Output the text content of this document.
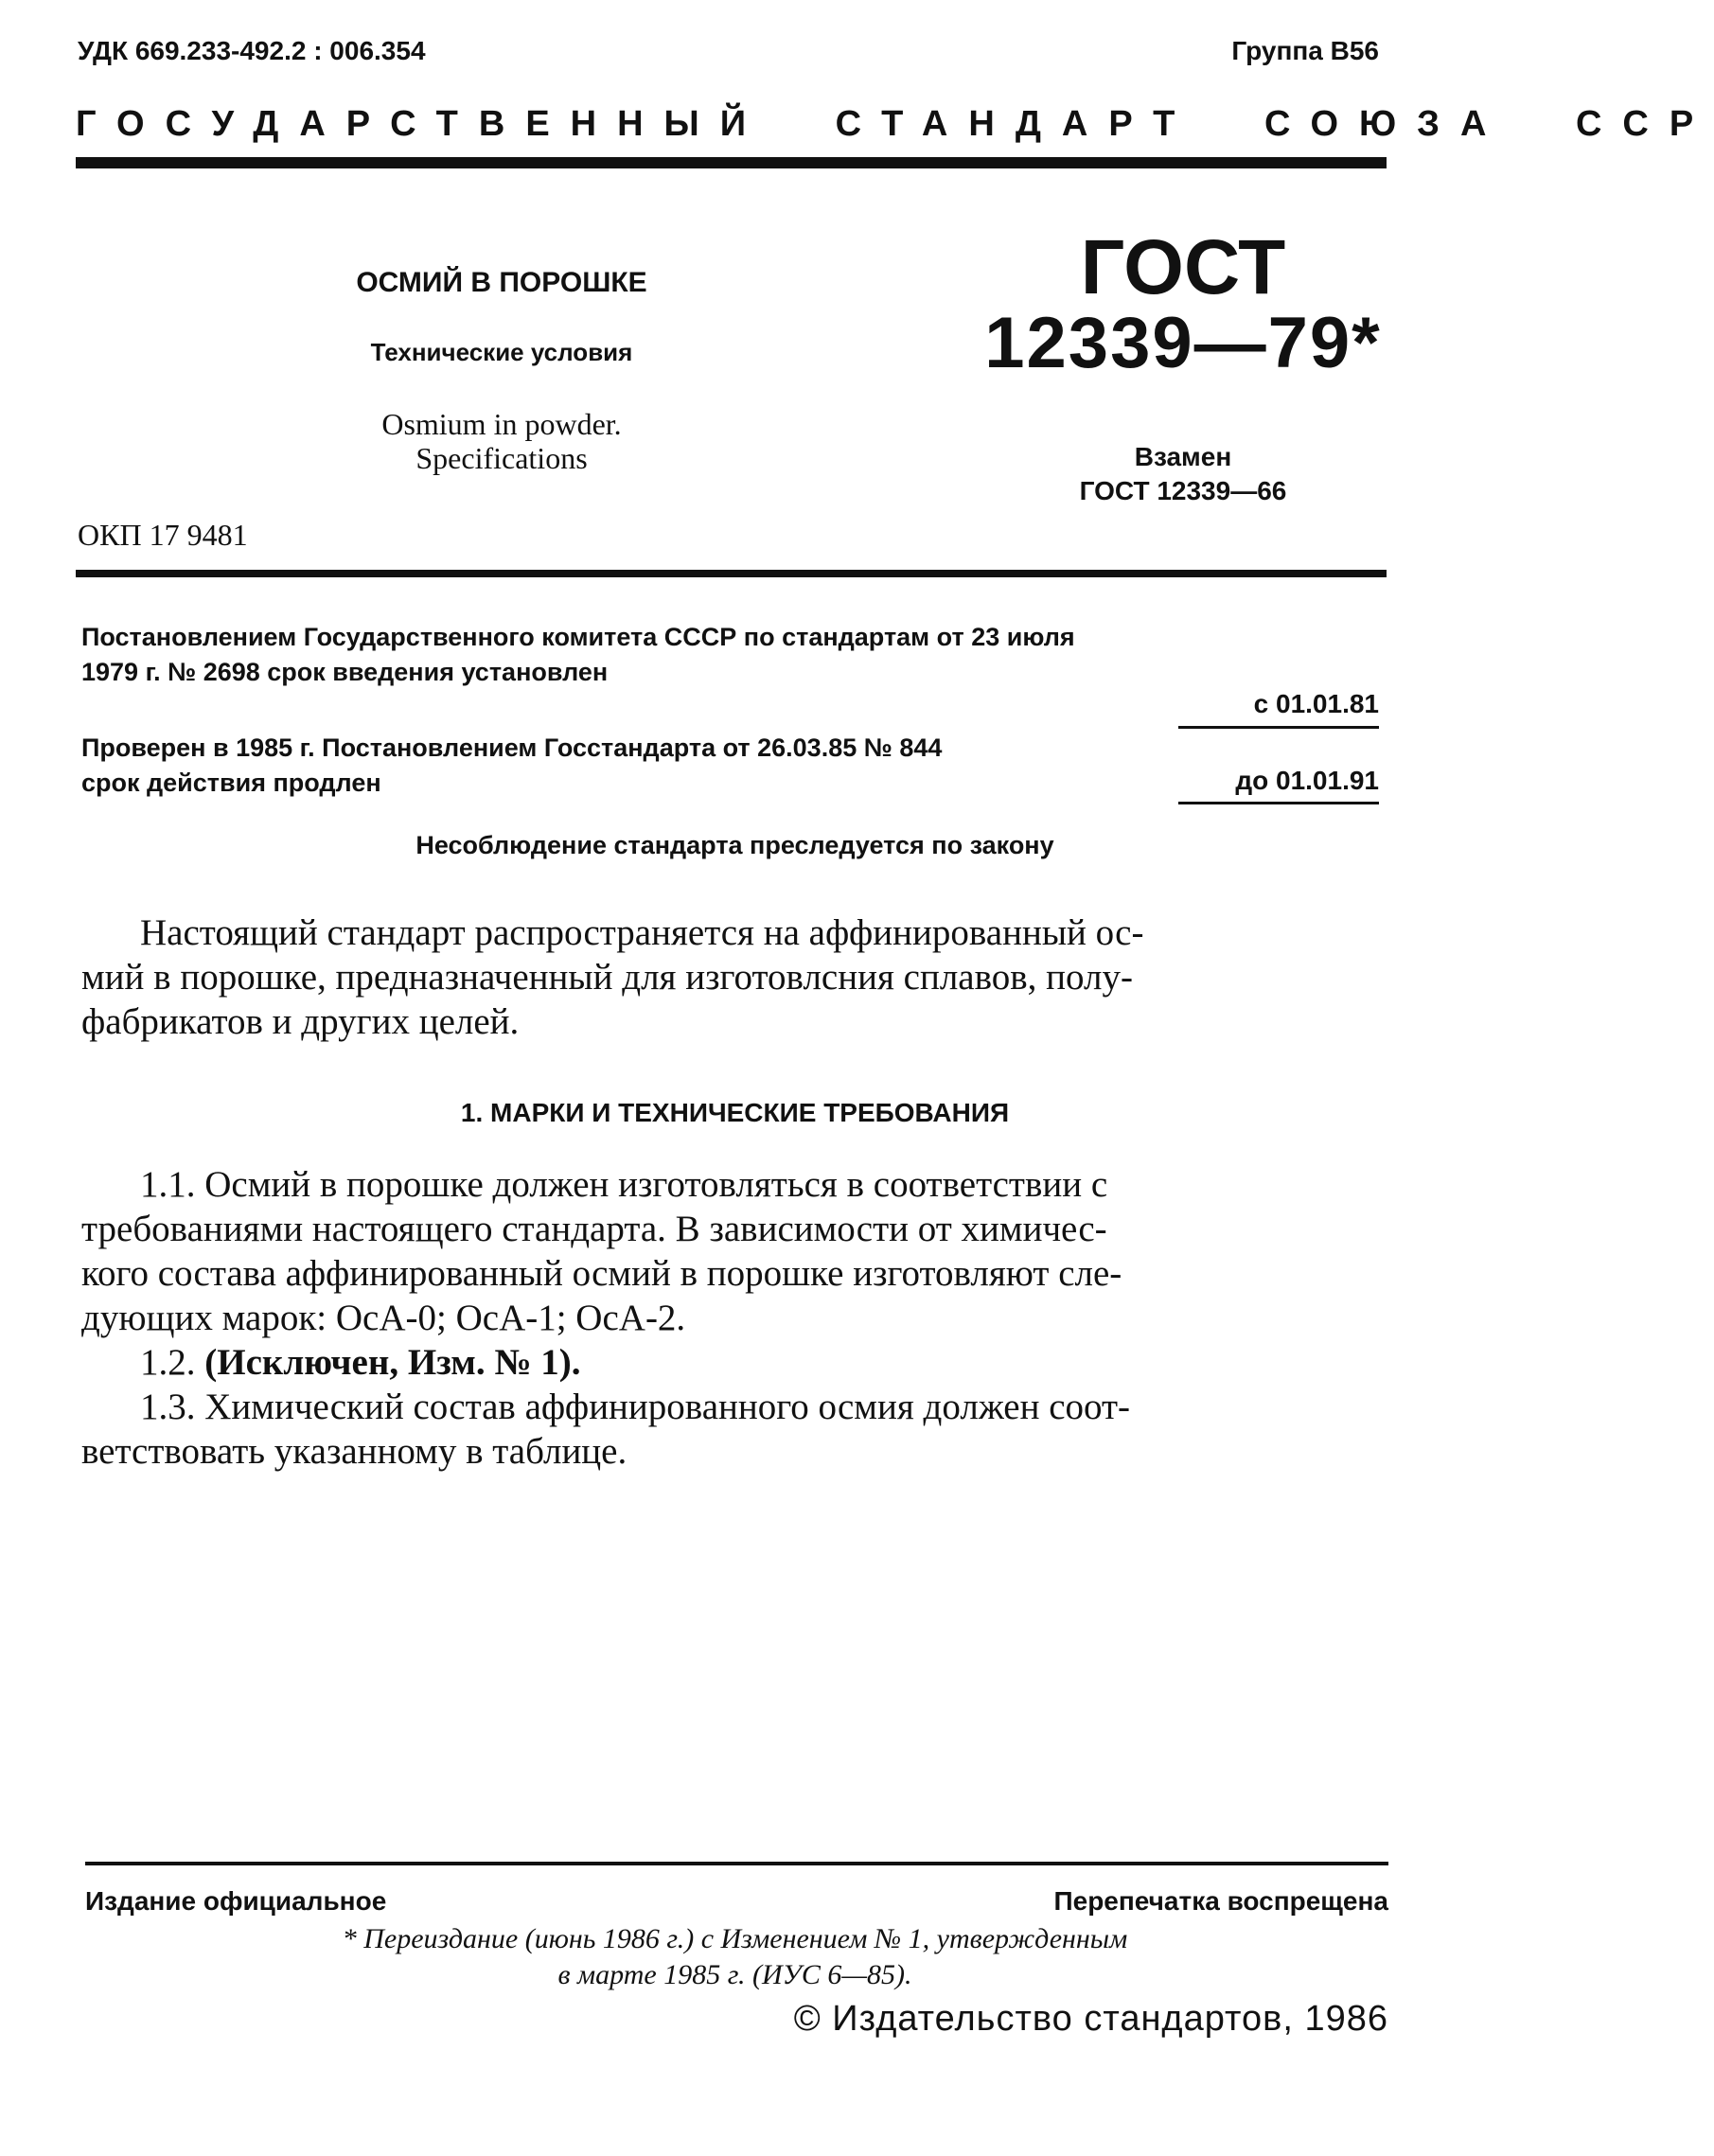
УДК 669.233-492.2 : 006.354	Группа В56
ГОСУДАРСТВЕННЫЙ СТАНДАРТ СОЮЗА ССР
ОСМИЙ В ПОРОШКЕ
Технические условия
Osmium in powder.
Specifications
ГОСТ
12339—79*
Взамен
ГОСТ 12339—66
ОКП 17 9481
Постановлением Государственного комитета СССР по стандартам от 23 июля
1979 г. № 2698 срок введения установлен
с 01.01.81
Проверен в 1985 г. Постановлением Госстандарта от 26.03.85 № 844
срок действия продлен	до 01.01.91
Несоблюдение стандарта преследуется по закону
Настоящий стандарт распространяется на аффинированный ос-
мий в порошке, предназначенный для изготовлсния сплавов, полу-
фабрикатов и других целей.
1. МАРКИ И ТЕХНИЧЕСКИЕ ТРЕБОВАНИЯ
1.1. Осмий в порошке должен изготовляться в соответствии с
требованиями настоящего стандарта. В зависимости от химичес-
кого состава аффинированный осмий в порошке изготовляют сле-
дующих марок: ОсА-0; ОсА-1; ОсА-2.
1.2. (Исключен, Изм. № 1).
1.3. Химический состав аффинированного осмия должен соот-
ветствовать указанному в таблице.
Издание официальное	Перепечатка воспрещена
* Переиздание (июнь 1986 г.) с Изменением № 1, утвержденным
в марте 1985 г. (ИУС 6—85).
© Издательство стандартов, 1986
